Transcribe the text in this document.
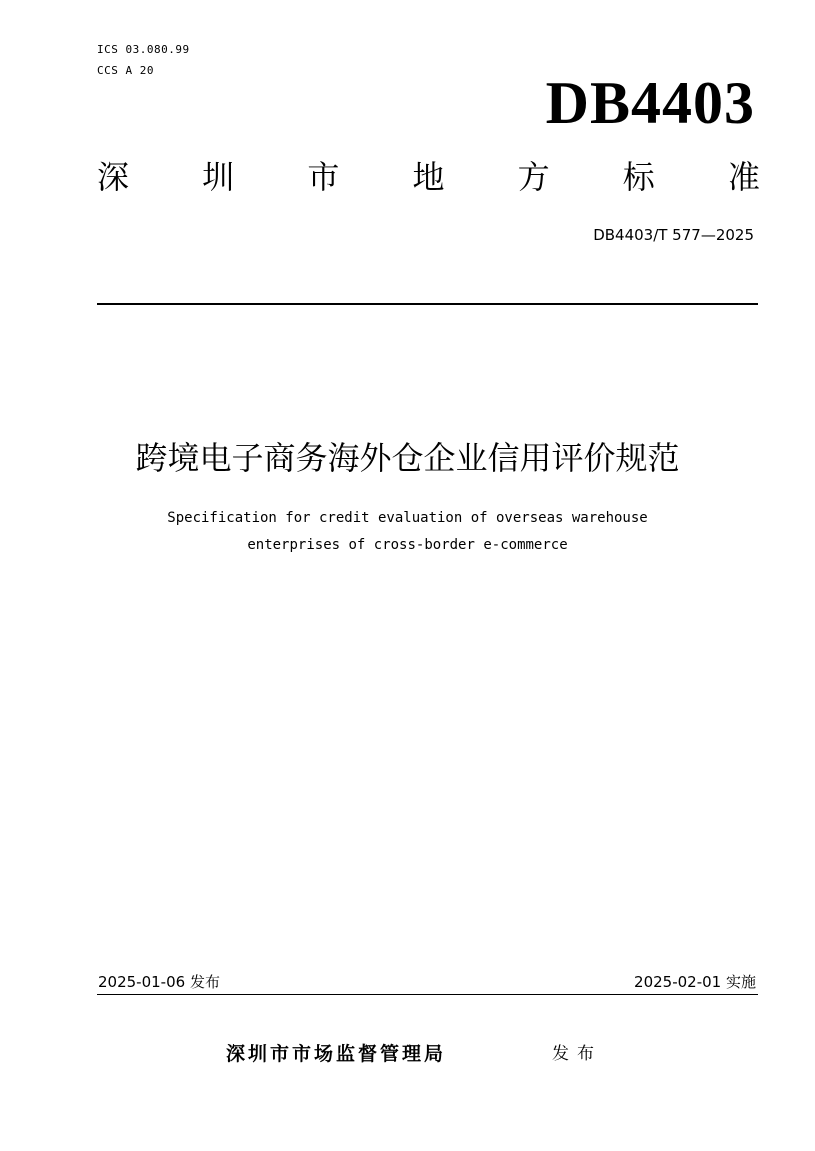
ICS 03.080.99
CCS A 20	DB4403
深 圳 市 地 方 标 准
DB4403/T 577—2025
跨境电子商务海外仓企业信用评价规范
Specification for credit evaluation of overseas warehouse
enterprises of cross-border e-commerce
2025-01-06 发布	2025-02-01 实施
深圳市市场监督管理局	发布
